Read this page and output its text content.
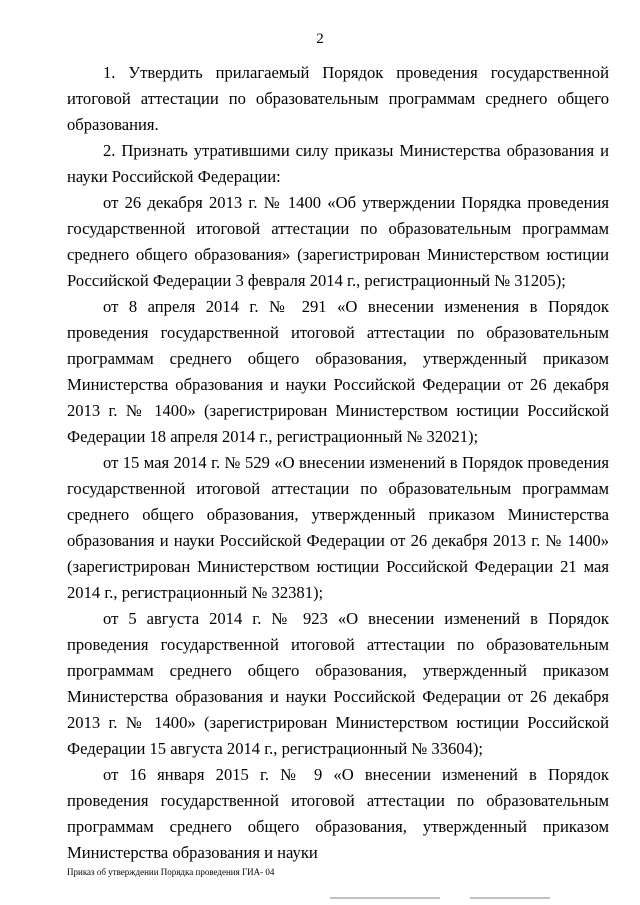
2

1. Утвердить прилагаемый Порядок проведения государственной итоговой аттестации по образовательным программам среднего общего образования.

2. Признать утратившими силу приказы Министерства образования и науки Российской Федерации:

от 26 декабря 2013 г. № 1400 «Об утверждении Порядка проведения государственной итоговой аттестации по образовательным программам среднего общего образования» (зарегистрирован Министерством юстиции Российской Федерации 3 февраля 2014 г., регистрационный № 31205);

от 8 апреля 2014 г. № 291 «О внесении изменения в Порядок проведения государственной итоговой аттестации по образовательным программам среднего общего образования, утвержденный приказом Министерства образования и науки Российской Федерации от 26 декабря 2013 г. № 1400» (зарегистрирован Министерством юстиции Российской Федерации 18 апреля 2014 г., регистрационный № 32021);

от 15 мая 2014 г. № 529 «О внесении изменений в Порядок проведения государственной итоговой аттестации по образовательным программам среднего общего образования, утвержденный приказом Министерства образования и науки Российской Федерации от 26 декабря 2013 г. № 1400» (зарегистрирован Министерством юстиции Российской Федерации 21 мая 2014 г., регистрационный № 32381);

от 5 августа 2014 г. № 923 «О внесении изменений в Порядок проведения государственной итоговой аттестации по образовательным программам среднего общего образования, утвержденный приказом Министерства образования и науки Российской Федерации от 26 декабря 2013 г. № 1400» (зарегистрирован Министерством юстиции Российской Федерации 15 августа 2014 г., регистрационный № 33604);

от 16 января 2015 г. № 9 «О внесении изменений в Порядок проведения государственной итоговой аттестации по образовательным программам среднего общего образования, утвержденный приказом Министерства образования и науки

Приказ об утверждении Порядка проведения ГИА- 04
